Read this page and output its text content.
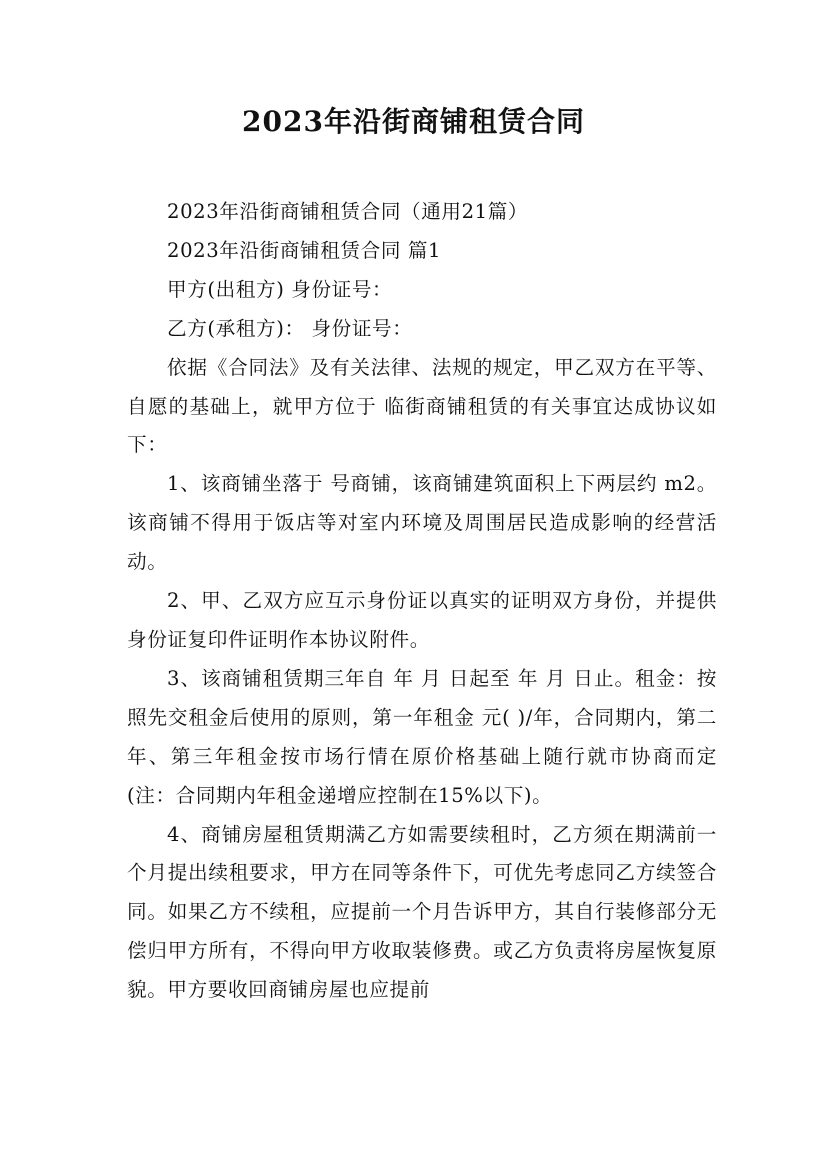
2023年沿街商铺租赁合同

2023年沿街商铺租赁合同（通用21篇）

2023年沿街商铺租赁合同 篇1

甲方(出租方) 身份证号：

乙方(承租方)： 身份证号：

依据《合同法》及有关法律、法规的规定，甲乙双方在平等、自愿的基础上，就甲方位于 临街商铺租赁的有关事宜达成协议如下：

1、该商铺坐落于 号商铺，该商铺建筑面积上下两层约 m2。该商铺不得用于饭店等对室内环境及周围居民造成影响的经营活动。

2、甲、乙双方应互示身份证以真实的证明双方身份，并提供身份证复印件证明作本协议附件。

3、该商铺租赁期三年自 年 月 日起至 年 月 日止。租金：按照先交租金后使用的原则，第一年租金 元( )/年，合同期内，第二年、第三年租金按市场行情在原价格基础上随行就市协商而定(注：合同期内年租金递增应控制在15%以下)。

4、商铺房屋租赁期满乙方如需要续租时，乙方须在期满前一个月提出续租要求，甲方在同等条件下，可优先考虑同乙方续签合同。如果乙方不续租，应提前一个月告诉甲方，其自行装修部分无偿归甲方所有，不得向甲方收取装修费。或乙方负责将房屋恢复原貌。甲方要收回商铺房屋也应提前
